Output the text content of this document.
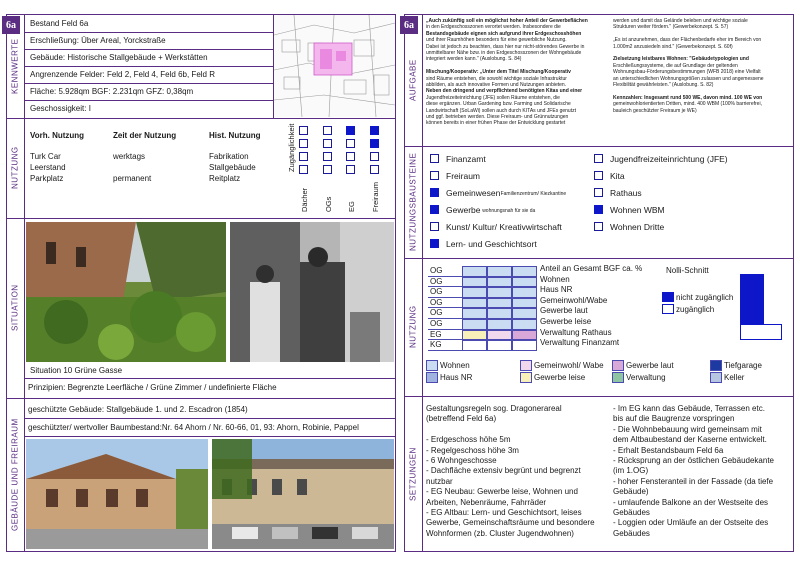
6a
KENNWERTE
NUTZUNG
Vorh. Nutzung	Zeit der Nutzung	Hist. Nutzung
SITUATION
Situation 10 Grüne Gasse
Prinzipien: Begrenzte Leerfläche / Grüne Zimmer / undefinierte Fläche
GEBÄUDE UND FREIRAUM
geschützte Gebäude: Stallgebäude 1. und 2. Escadron (1854)
geschützter/ wertvoller Baumbestand:Nr. 64 Ahorn / Nr. 60-66, 01, 93: Ahorn, Robinie, Pappel
6a
AUFGABE
NUTZUNGSBAUSTEINE
NUTZUNG
Nolli-Schnitt
nicht zugänglich
zugänglich
SETZUNGEN
Bestand Feld 6a
Erschließung: Über Areal, Yorckstraße
Gebäude: Historische Stallgebäude + Werkstätten
Angrenzende Felder: Feld 2, Feld 4, Feld 6b, Feld R
Fläche: 5.928qm BGF: 2.231qm GFZ: 0,38qm
Geschossigkeit: I
Turk Car
Leerstand
Parkplatz
werktags
permanent
Fabrikation
Stallgebäude
Reitplatz
Zugänglichkeit
Dächer OGs EG Freiraum
„Auch zukünftig soll ein möglichst hoher Anteil der Gewerbeflächen
in den Erdgeschosszonen verortet werden. Insbesondere die
Bestandsgebäude eignen sich aufgrund ihrer Erdgeschosshöhen
und ihrer Raumhöhen besonders für eine gewerbliche Nutzung.
Dabei ist jedoch zu beachten, dass hier nur nicht-störendes Gewerbe in
unmittelbarer Nähe bzw. in den Erdgeschosszonen der Wohngebäude
integriert werden kann." (Auslobung. S. 84)
Mischung/Kooperativ: „Unter dem Titel Mischung/Kooperativ
sind Räume entstehen, die sowohl wichtige soziale Infrastruktur
abbilden, als auch innovative Formen und Nutzungen anbieten.
Neben den dringend und verpflichtend benötigten Kitas und einer
Jugendfreizeiteinrichtung (JFE) sollen Räume entstehen, die
diese ergänzen. Urban Gardening bzw. Farming und Solidarische
Landwirtschaft (SoLaWi) sollen auch durch KITAs und JFEs genutzt
und ggf. betrieben werden. Diese Freiraum- und Grünnutzungen
können bereits in einer frühen Phase der Entwicklung gestartet
werden und damit das Gelände beleben und wichtige soziale
Strukturen weiter fördern." (Gewerbekonzept. S. 57)
„Es ist anzunehmen, dass der Flächenbedarfe eher im Bereich von
1.000m2 anzusiedeln sind." (Gewerbekonzept. S. 60f)
Zielsetzung leistbares Wohnen: "Gebäudetypologien und
Erschließungssysteme, die auf Grundlage der geltenden
Wohnungsbau-Förderungsbestimmungen (WFB 2018) eine Vielfalt
an unterschiedlichen Wohnungsgrößen zulassen und angemessene
Flexibilität gewährleisten." (Auslobung. S. 82)
Kennzahlen: Insgesamt rund 500 WE, davon mind. 100 WE von
gemeinwohlorientierten Dritten, mind. 400 WBM (100% barrierefrei,
bauleich geschützter Freiraum je WE)
Finanzamt
Freiraum
Gemeinwesen Familienzentrum/ Kiezkantine
Gewerbe wohnungsnah für sie da
Kunst/ Kultur/ Kreativwirtschaft
Lern- und Geschichtsort
Jugendfreizeiteinrichtung (JFE)
Kita
Rathaus
Wohnen WBM
Wohnen Dritte
OG
OG
OG
OG
OG
OG
EG
KG
Anteil an Gesamt BGF ca. %
Wohnen
Haus NR
Gemeinwohl/Wabe
Gewerbe laut
Gewerbe leise
Verwaltung Rathaus
Verwaltung Finanzamt
Wohnen
Haus NR
Gemeinwohl/ Wabe
Gewerbe leise
Gewerbe laut
Verwaltung
Tiefgarage
Keller
Gestaltungsregeln sog. Dragonerareal
(betreffend Feld 6a)
- Erdgeschoss höhe 5m
- Regelgeschoss höhe 3m
- 6 Wohngeschosse
- Dachfläche extensiv begrünt und begrenzt
nutzbar
- EG Neubau: Gewerbe leise, Wohnen und
Arbeiten, Nebenräume, Fahrräder
- EG Altbau: Lern- und Geschichtsort, leises
Gewerbe, Gemeinschaftsräume und besondere
Wohnformen (zb. Cluster Jugendwohnen)
- Im EG kann das Gebäude, Terrassen etc.
bis auf die Baugrenze vorspringen
- Die Wohnbebauung wird gemeinsam mit
dem Altbaubestand der Kaserne entwickelt.
- Erhalt Bestandsbaum Feld 6a
- Rücksprung an der östlichen Gebäudekante
(im 1.OG)
- hoher Fensteranteil in der Fassade (da tiefe
Gebäude)
- umlaufende Balkone an der Westseite des
Gebäudes
- Loggien oder Umläufe an der Ostseite des
Gebäudes
